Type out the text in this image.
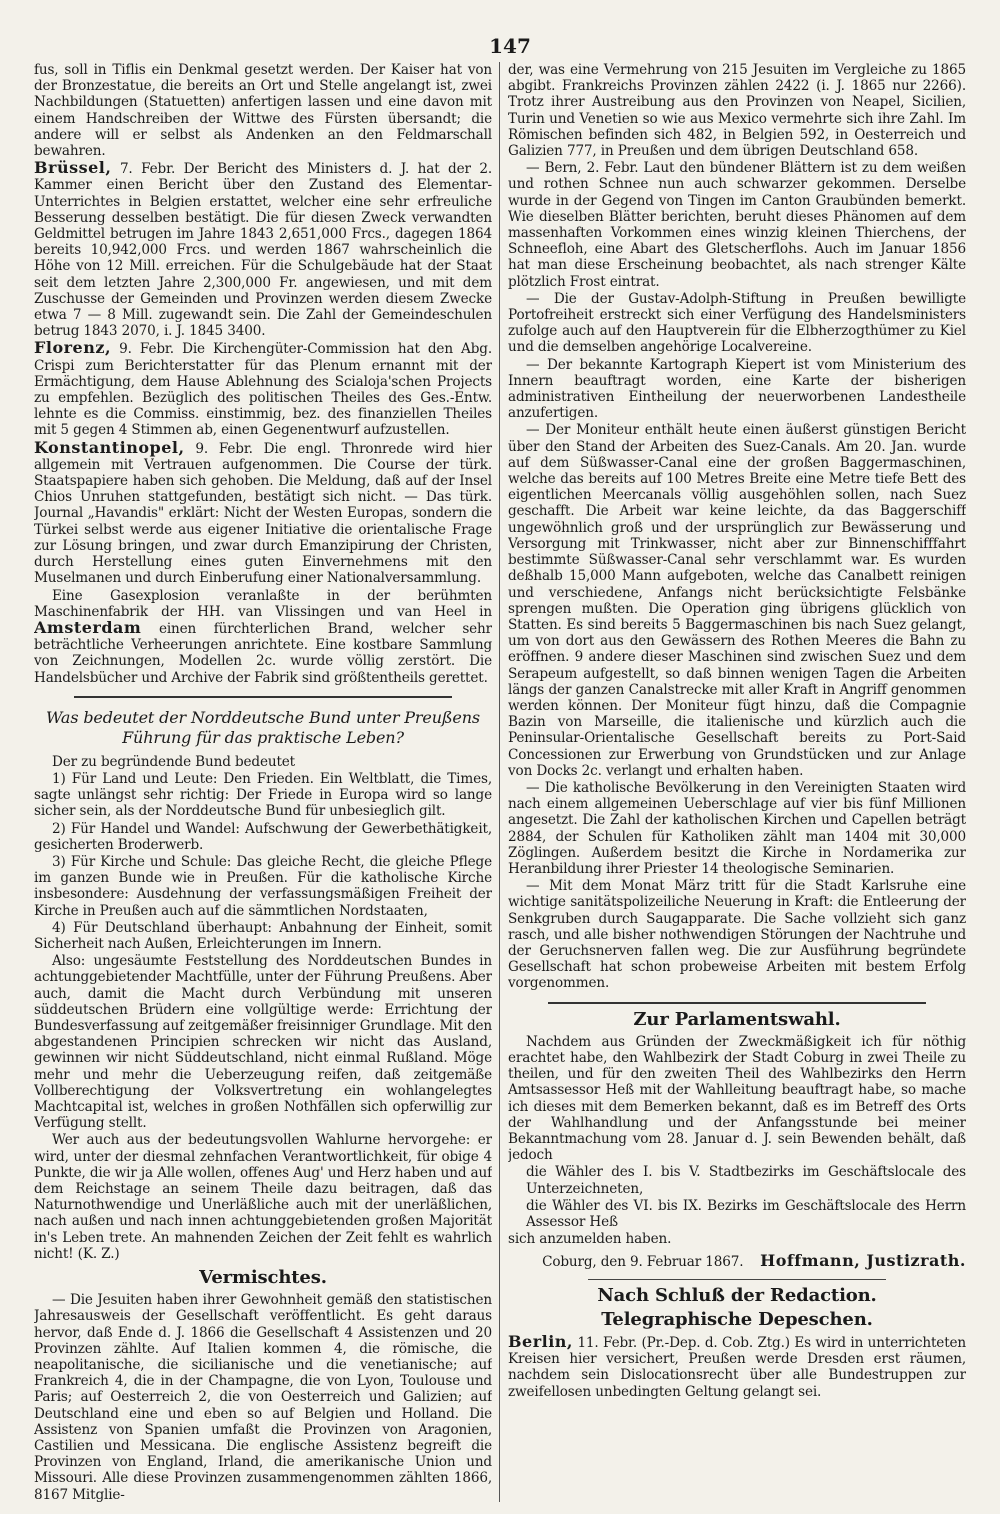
147

fus, soll in Tiflis ein Denkmal gesetzt werden. Der Kaiser hat von der Bronzestatue, die bereits an Ort und Stelle angelangt ist, zwei Nachbildungen (Statuetten) anfertigen lassen und eine davon mit einem Handschreiben der Wittwe des Fürsten übersandt; die andere will er selbst als Andenken an den Feldmarschall bewahren.

Brüssel, 7. Febr. Der Bericht des Ministers d. J. hat der 2. Kammer einen Bericht über den Zustand des Elementar-Unterrichtes in Belgien erstattet, welcher eine sehr erfreuliche Besserung desselben bestätigt. Die für diesen Zweck verwandten Geldmittel betrugen im Jahre 1843 2,651,000 Frcs., dagegen 1864 bereits 10,942,000 Frcs. und werden 1867 wahrscheinlich die Höhe von 12 Mill. erreichen. Für die Schulgebäude hat der Staat seit dem letzten Jahre 2,300,000 Fr. angewiesen, und mit dem Zuschusse der Gemeinden und Provinzen werden diesem Zwecke etwa 7 — 8 Mill. zugewandt sein. Die Zahl der Gemeindeschulen betrug 1843 2070, i. J. 1845 3400.

Florenz, 9. Febr. Die Kirchengüter-Commission hat den Abg. Crispi zum Berichterstatter für das Plenum ernannt mit der Ermächtigung, dem Hause Ablehnung des Scialoja'schen Projects zu empfehlen. Bezüglich des politischen Theiles des Ges.-Entw. lehnte es die Commiss. einstimmig, bez. des finanziellen Theiles mit 5 gegen 4 Stimmen ab, einen Gegenentwurf aufzustellen.

Konstantinopel, 9. Febr. Die engl. Thronrede wird hier allgemein mit Vertrauen aufgenommen. Die Course der türk. Staatspapiere haben sich gehoben. Die Meldung, daß auf der Insel Chios Unruhen stattgefunden, bestätigt sich nicht. — Das türk. Journal „Havandis" erklärt: Nicht der Westen Europas, sondern die Türkei selbst werde aus eigener Initiative die orientalische Frage zur Lösung bringen, und zwar durch Emanzipirung der Christen, durch Herstellung eines guten Einvernehmens mit den Muselmanen und durch Einberufung einer Nationalversammlung.

Eine Gasexplosion veranlaßte in der berühmten Maschinenfabrik der HH. van Vlissingen und van Heel in Amsterdam einen fürchterlichen Brand, welcher sehr beträchtliche Verheerungen anrichtete. Eine kostbare Sammlung von Zeichnungen, Modellen 2c. wurde völlig zerstört. Die Handelsbücher und Archive der Fabrik sind größtentheils gerettet.

Was bedeutet der Norddeutsche Bund unter Preußens Führung für das praktische Leben?

Der zu begründende Bund bedeutet

1) Für Land und Leute: Den Frieden. Ein Weltblatt, die Times, sagte unlängst sehr richtig: Der Friede in Europa wird so lange sicher sein, als der Norddeutsche Bund für unbesieglich gilt.

2) Für Handel und Wandel: Aufschwung der Gewerbethätigkeit, gesicherten Broderwerb.

3) Für Kirche und Schule: Das gleiche Recht, die gleiche Pflege im ganzen Bunde wie in Preußen. Für die katholische Kirche insbesondere: Ausdehnung der verfassungsmäßigen Freiheit der Kirche in Preußen auch auf die sämmtlichen Nordstaaten,

4) Für Deutschland überhaupt: Anbahnung der Einheit, somit Sicherheit nach Außen, Erleichterungen im Innern.

Also: ungesäumte Feststellung des Norddeutschen Bundes in achtunggebietender Machtfülle, unter der Führung Preußens. Aber auch, damit die Macht durch Verbündung mit unseren süddeutschen Brüdern eine vollgültige werde: Errichtung der Bundesverfassung auf zeitgemäßer freisinniger Grundlage. Mit den abgestandenen Principien schrecken wir nicht das Ausland, gewinnen wir nicht Süddeutschland, nicht einmal Rußland. Möge mehr und mehr die Ueberzeugung reifen, daß zeitgemäße Vollberechtigung der Volksvertretung ein wohlangelegtes Machtcapital ist, welches in großen Nothfällen sich opferwillig zur Verfügung stellt.

Wer auch aus der bedeutungsvollen Wahlurne hervorgehe: er wird, unter der diesmal zehnfachen Verantwortlichkeit, für obige 4 Punkte, die wir ja Alle wollen, offenes Aug' und Herz haben und auf dem Reichstage an seinem Theile dazu beitragen, daß das Naturnothwendige und Unerläßliche auch mit der unerläßlichen, nach außen und nach innen achtunggebietenden großen Majorität in's Leben trete. An mahnenden Zeichen der Zeit fehlt es wahrlich nicht! (K. Z.)

Vermischtes.

— Die Jesuiten haben ihrer Gewohnheit gemäß den statistischen Jahresausweis der Gesellschaft veröffentlicht. Es geht daraus hervor, daß Ende d. J. 1866 die Gesellschaft 4 Assistenzen und 20 Provinzen zählte. Auf Italien kommen 4, die römische, die neapolitanische, die sicilianische und die venetianische; auf Frankreich 4, die in der Champagne, die von Lyon, Toulouse und Paris; auf Oesterreich 2, die von Oesterreich und Galizien; auf Deutschland eine und eben so auf Belgien und Holland. Die Assistenz von Spanien umfaßt die Provinzen von Aragonien, Castilien und Messicana. Die englische Assistenz begreift die Provinzen von England, Irland, die amerikanische Union und Missouri. Alle diese Provinzen zusammengenommen zählten 1866, 8167 Mitglie-

der, was eine Vermehrung von 215 Jesuiten im Vergleiche zu 1865 abgibt. Frankreichs Provinzen zählen 2422 (i. J. 1865 nur 2266). Trotz ihrer Austreibung aus den Provinzen von Neapel, Sicilien, Turin und Venetien so wie aus Mexico vermehrte sich ihre Zahl. Im Römischen befinden sich 482, in Belgien 592, in Oesterreich und Galizien 777, in Preußen und dem übrigen Deutschland 658.

— Bern, 2. Febr. Laut den bündener Blättern ist zu dem weißen und rothen Schnee nun auch schwarzer gekommen. Derselbe wurde in der Gegend von Tingen im Canton Graubünden bemerkt. Wie dieselben Blätter berichten, beruht dieses Phänomen auf dem massenhaften Vorkommen eines winzig kleinen Thierchens, der Schneefloh, eine Abart des Gletscherflohs. Auch im Januar 1856 hat man diese Erscheinung beobachtet, als nach strenger Kälte plötzlich Frost eintrat.

— Die der Gustav-Adolph-Stiftung in Preußen bewilligte Portofreiheit erstreckt sich einer Verfügung des Handelsministers zufolge auch auf den Hauptverein für die Elbherzogthümer zu Kiel und die demselben angehörige Localvereine.

— Der bekannte Kartograph Kiepert ist vom Ministerium des Innern beauftragt worden, eine Karte der bisherigen administrativen Eintheilung der neuerworbenen Landestheile anzufertigen.

— Der Moniteur enthält heute einen äußerst günstigen Bericht über den Stand der Arbeiten des Suez-Canals. Am 20. Jan. wurde auf dem Süßwasser-Canal eine der großen Baggermaschinen, welche das bereits auf 100 Metres Breite eine Metre tiefe Bett des eigentlichen Meercanals völlig ausgehöhlen sollen, nach Suez geschafft. Die Arbeit war keine leichte, da das Baggerschiff ungewöhnlich groß und der ursprünglich zur Bewässerung und Versorgung mit Trinkwasser, nicht aber zur Binnenschifffahrt bestimmte Süßwasser-Canal sehr verschlammt war. Es wurden deßhalb 15,000 Mann aufgeboten, welche das Canalbett reinigen und verschiedene, Anfangs nicht berücksichtigte Felsbänke sprengen mußten. Die Operation ging übrigens glücklich von Statten. Es sind bereits 5 Baggermaschinen bis nach Suez gelangt, um von dort aus den Gewässern des Rothen Meeres die Bahn zu eröffnen. 9 andere dieser Maschinen sind zwischen Suez und dem Serapeum aufgestellt, so daß binnen wenigen Tagen die Arbeiten längs der ganzen Canalstrecke mit aller Kraft in Angriff genommen werden können. Der Moniteur fügt hinzu, daß die Compagnie Bazin von Marseille, die italienische und kürzlich auch die Peninsular-Orientalische Gesellschaft bereits zu Port-Said Concessionen zur Erwerbung von Grundstücken und zur Anlage von Docks 2c. verlangt und erhalten haben.

— Die katholische Bevölkerung in den Vereinigten Staaten wird nach einem allgemeinen Ueberschlage auf vier bis fünf Millionen angesetzt. Die Zahl der katholischen Kirchen und Capellen beträgt 2884, der Schulen für Katholiken zählt man 1404 mit 30,000 Zöglingen. Außerdem besitzt die Kirche in Nordamerika zur Heranbildung ihrer Priester 14 theologische Seminarien.

— Mit dem Monat März tritt für die Stadt Karlsruhe eine wichtige sanitätspolizeiliche Neuerung in Kraft: die Entleerung der Senkgruben durch Saugapparate. Die Sache vollzieht sich ganz rasch, und alle bisher nothwendigen Störungen der Nachtruhe und der Geruchsnerven fallen weg. Die zur Ausführung begründete Gesellschaft hat schon probeweise Arbeiten mit bestem Erfolg vorgenommen.

Zur Parlamentswahl.

Nachdem aus Gründen der Zweckmäßigkeit ich für nöthig erachtet habe, den Wahlbezirk der Stadt Coburg in zwei Theile zu theilen, und für den zweiten Theil des Wahlbezirks den Herrn Amtsassessor Heß mit der Wahlleitung beauftragt habe, so mache ich dieses mit dem Bemerken bekannt, daß es im Betreff des Orts der Wahlhandlung und der Anfangsstunde bei meiner Bekanntmachung vom 28. Januar d. J. sein Bewenden behält, daß jedoch

die Wähler des I. bis V. Stadtbezirks im Geschäftslocale des Unterzeichneten,

die Wähler des VI. bis IX. Bezirks im Geschäftslocale des Herrn Assessor Heß

sich anzumelden haben.

Coburg, den 9. Februar 1867. Hoffmann, Justizrath.

Nach Schluß der Redaction.
Telegraphische Depeschen.

Berlin, 11. Febr. (Pr.-Dep. d. Cob. Ztg.) Es wird in unterrichteten Kreisen hier versichert, Preußen werde Dresden erst räumen, nachdem sein Dislocationsrecht über alle Bundestruppen zur zweifellosen unbedingten Geltung gelangt sei.
